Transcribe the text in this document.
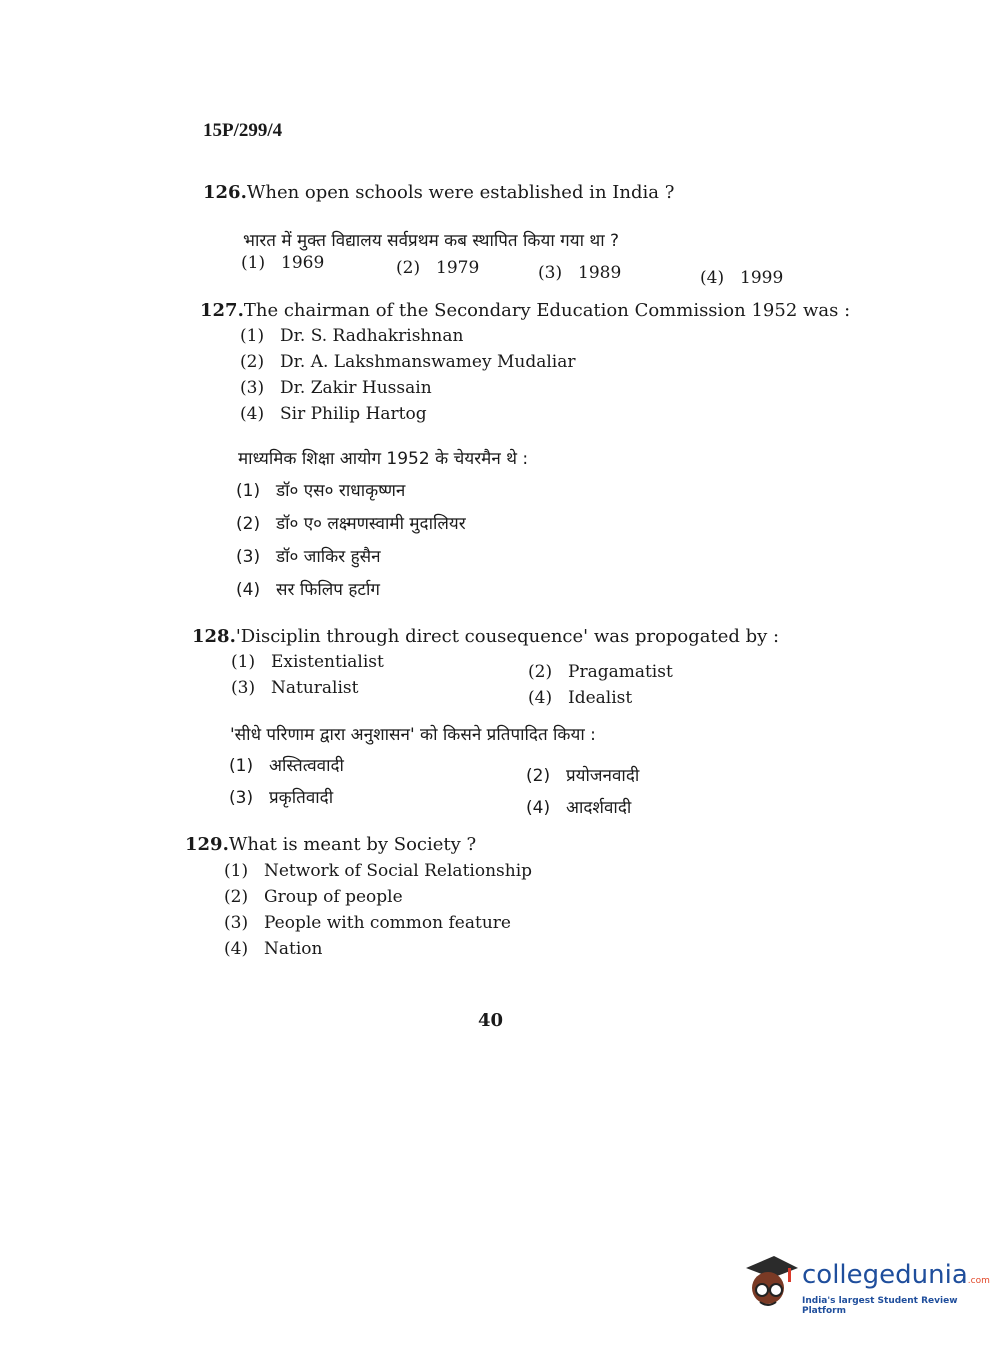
15P/299/4
126.When open schools were established in India ?
भारत में मुक्त विद्यालय सर्वप्रथम कब स्थापित किया गया था ?
(1) 1969	(2) 1979	(3) 1989	(4) 1999
127.The chairman of the Secondary Education Commission 1952 was :
(1) Dr. S. Radhakrishnan
(2) Dr. A. Lakshmanswamey Mudaliar
(3) Dr. Zakir Hussain
(4) Sir Philip Hartog
माध्यमिक शिक्षा आयोग 1952 के चेयरमैन थे :
(1) डॉ० एस० राधाकृष्णन
(2) डॉ० ए० लक्ष्मणस्वामी मुदालियर
(3) डॉ० जाकिर हुसैन
(4) सर फिलिप हर्टाग
128.'Disciplin through direct cousequence' was propogated by :
(1) Existentialist	(2) Pragamatist
(3) Naturalist	(4) Idealist
'सीधे परिणाम द्वारा अनुशासन' को किसने प्रतिपादित किया :
(1) अस्तित्ववादी	(2) प्रयोजनवादी
(3) प्रकृतिवादी	(4) आदर्शवादी
129.What is meant by Society ?
(1) Network of Social Relationship
(2) Group of people
(3) People with common feature
(4) Nation
40
collegedunia.com
India's largest Student Review Platform
